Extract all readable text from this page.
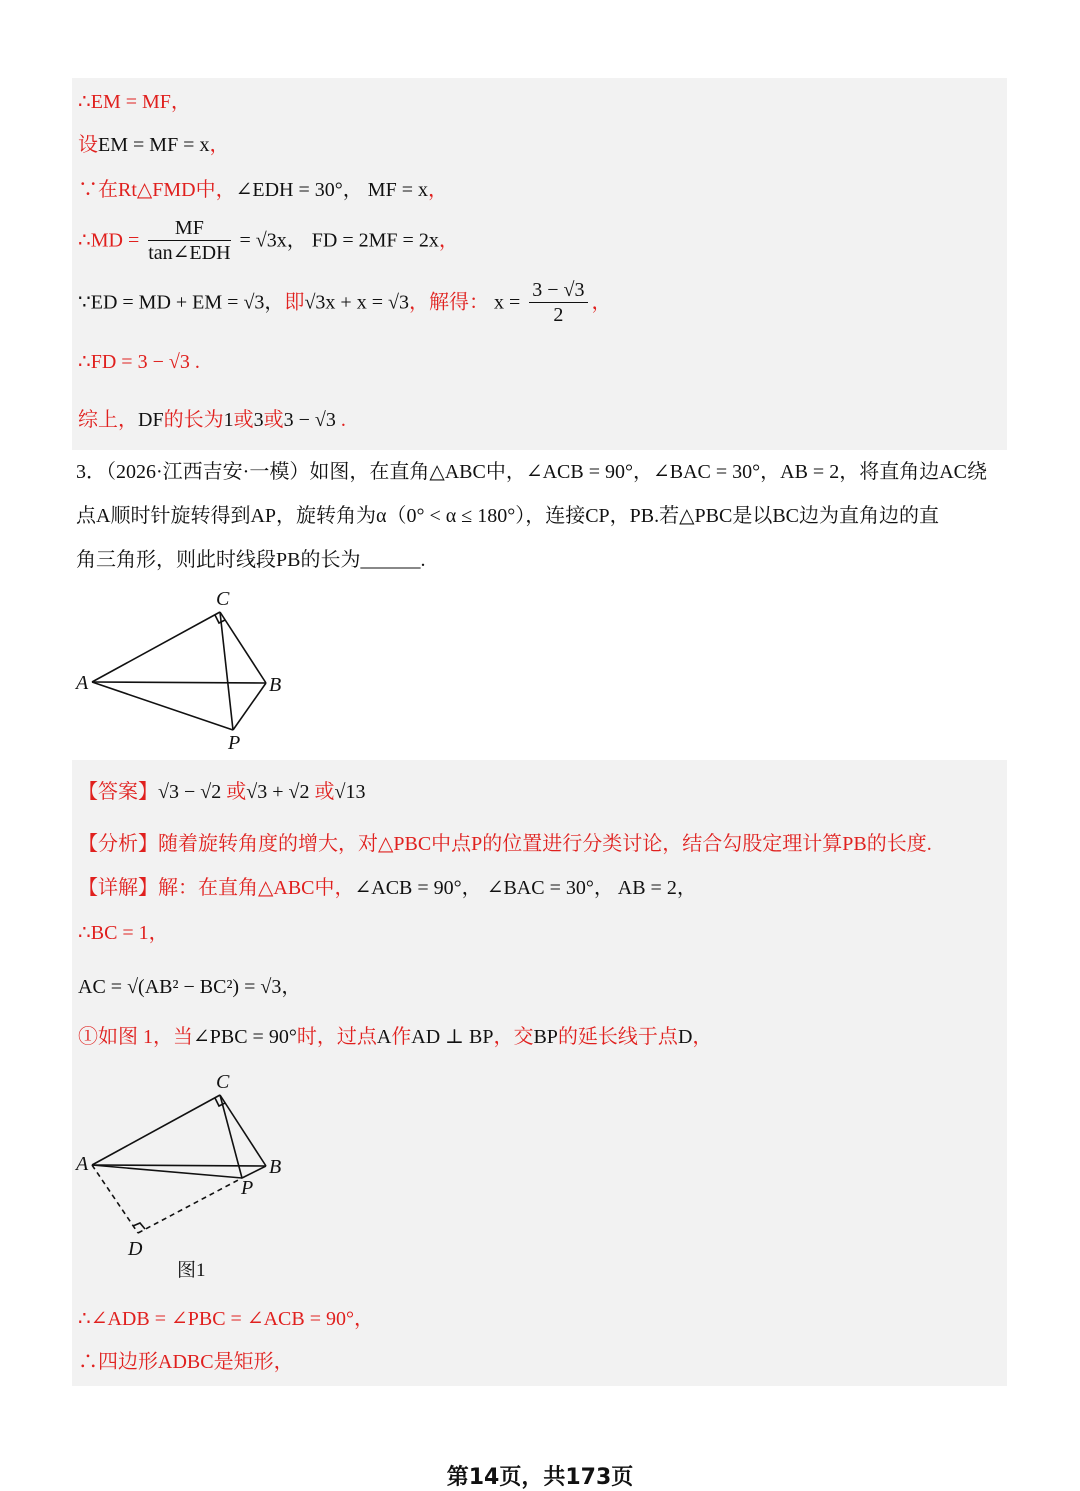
∴EM = MF，
设EM = MF = x，
∵在Rt△FMD中，∠EDH = 30°， MF = x，
∴MD = $\frac{MF}{\text{tan∠EDH}} = √3x$， FD = 2MF = 2x，
∵ED = MD + EM = √3，即√3x + x = √3，解得： $x = \frac{3 - √3}{2}$ ，
∴FD = 3 − √3 .
综上，DF的长为1或3或3 − √3 .
3．（2026·江西吉安·一模）如图，在直角△ABC中，∠ACB = 90°，∠BAC = 30°，AB = 2，将直角边AC绕
点A顺时针旋转得到AP，旋转角为α（0° < α ≤ 180°），连接CP，PB.若△PBC是以BC边为直角边的直
角三角形，则此时线段PB的长为______.
A	B
C
P
【答案】√3 − √2 或√3 + √2 或√13
【分析】随着旋转角度的增大，对△PBC中点P的位置进行分类讨论，结合勾股定理计算PB的长度.
【详解】解：在直角△ABC中，∠ACB = 90°， ∠BAC = 30°， AB = 2，
∴BC = 1，
AC = √(AB² − BC²) = √3，
①如图 1，当∠PBC = 90°时，过点A作AD ⊥ BP，交BP的延长线于点D，
A	B
C
P
D
图1
∴∠ADB = ∠PBC = ∠ACB = 90°，
∴四边形ADBC是矩形，
第14页，共173页
